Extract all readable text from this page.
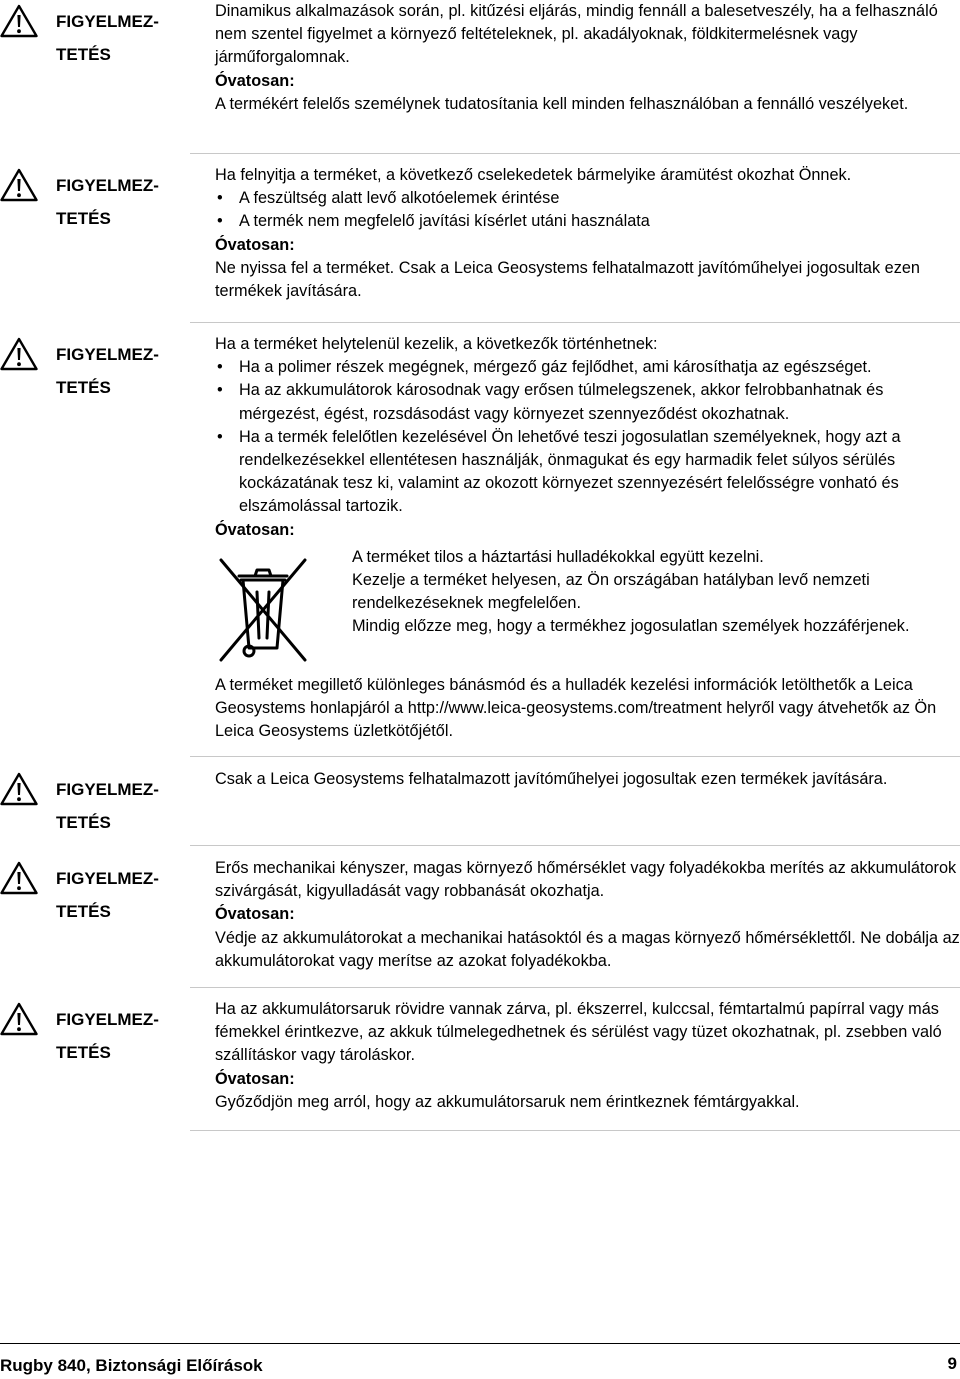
FIGYELMEZ-
TETÉS

Dinamikus alkalmazások során, pl. kitűzési eljárás, mindig fennáll a balesetveszély, ha a felhasználó nem szentel figyelmet a környező feltételeknek, pl. akadályoknak, földkitermelésnek vagy járműforgalomnak.

Óvatosan:

A termékért felelős személynek tudatosítania kell minden felhasználóban a fennálló veszélyeket.

FIGYELMEZ-
TETÉS

Ha felnyitja a terméket, a következő cselekedetek bármelyike áramütést okozhat Önnek.

• A feszültség alatt levő alkotóelemek érintése
• A termék nem megfelelő javítási kísérlet utáni használata

Óvatosan:

Ne nyissa fel a terméket. Csak a Leica Geosystems felhatalmazott javítóműhelyei jogosultak ezen termékek javítására.

FIGYELMEZ-
TETÉS

Ha a terméket helytelenül kezelik, a következők történhetnek:

• Ha a polimer részek megégnek, mérgező gáz fejlődhet, ami károsíthatja az egészséget.
• Ha az akkumulátorok károsodnak vagy erősen túlmelegszenek, akkor felrobbanhatnak és mérgezést, égést, rozsdásodást vagy környezet szennyeződést okozhatnak.
• Ha a termék felelőtlen kezelésével Ön lehetővé teszi jogosulatlan személyeknek, hogy azt a rendelkezésekkel ellentétesen használják, önmagukat és egy harmadik felet súlyos sérülés kockázatának tesz ki, valamint az okozott környezet szennyezésért felelősségre vonható és elszámolással tartozik.

Óvatosan:

A terméket tilos a háztartási hulladékokkal együtt kezelni.

Kezelje a terméket helyesen, az Ön országában hatályban levő nemzeti rendelkezéseknek megfelelően.

Mindig előzze meg, hogy a termékhez jogosulatlan személyek hozzáférjenek.

A terméket megillető különleges bánásmód és a hulladék kezelési információk letölthetők a Leica Geosystems honlapjáról a http://www.leica-geosystems.com/treatment helyről vagy átvehetők az Ön Leica Geosystems üzletkötőjétől.

FIGYELMEZ-
TETÉS

Csak a Leica Geosystems felhatalmazott javítóműhelyei jogosultak ezen termékek javítására.

FIGYELMEZ-
TETÉS

Erős mechanikai kényszer, magas környező hőmérséklet vagy folyadékokba merítés az akkumulátorok szivárgását, kigyulladását vagy robbanását okozhatja.

Óvatosan:

Védje az akkumulátorokat a mechanikai hatásoktól és a magas környező hőmérséklettől. Ne dobálja az akkumulátorokat vagy merítse az azokat folyadékokba.

FIGYELMEZ-
TETÉS

Ha az akkumulátorsaruk rövidre vannak zárva, pl. ékszerrel, kulccsal, fémtartalmú papírral vagy más fémekkel érintkezve, az akkuk túlmelegedhetnek és sérülést vagy tüzet okozhatnak, pl. zsebben való szállításkor vagy tároláskor.

Óvatosan:

Győződjön meg arról, hogy az akkumulátorsaruk nem érintkeznek fémtárgyakkal.

Rugby 840, Biztonsági Előírások	9
